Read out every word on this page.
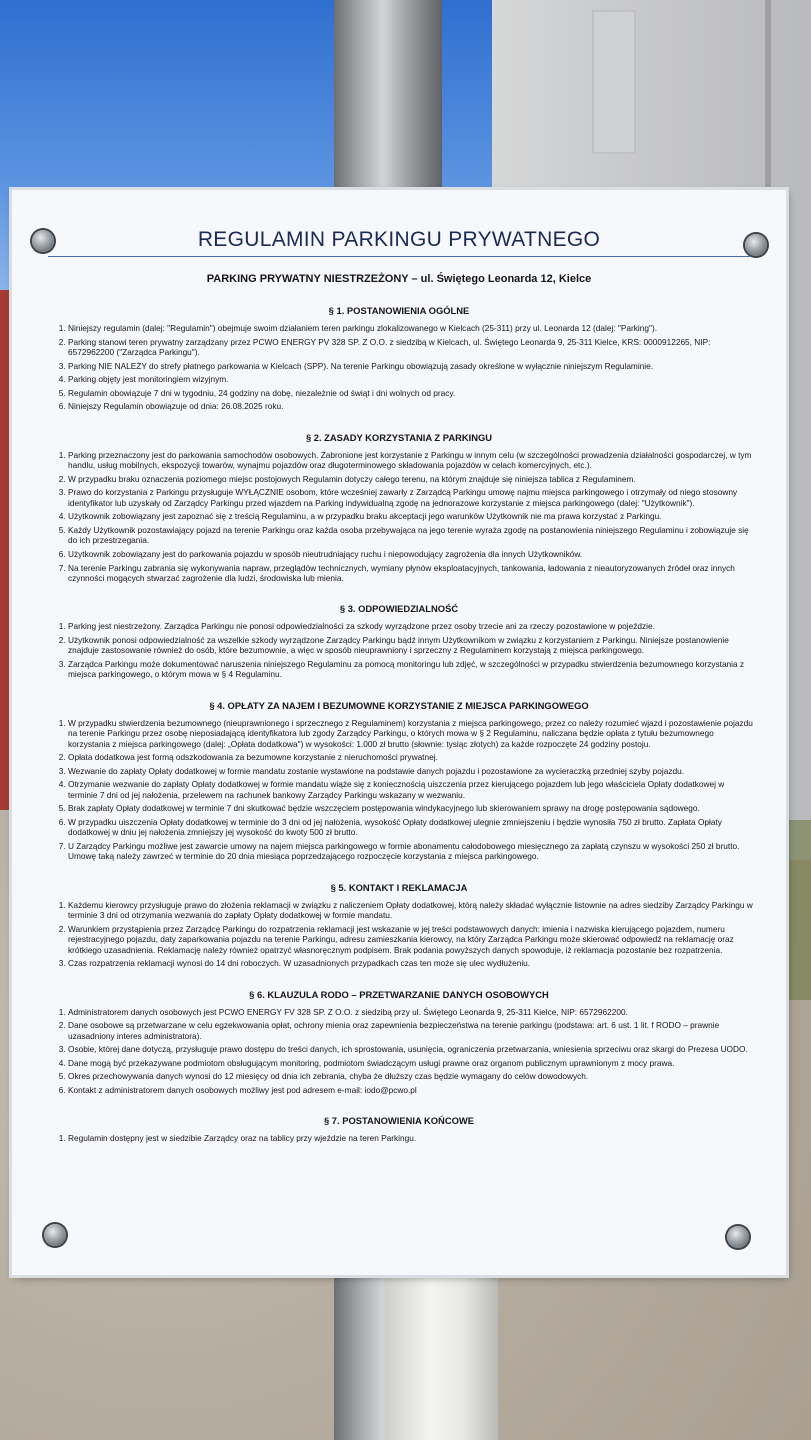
REGULAMIN PARKINGU PRYWATNEGO
PARKING PRYWATNY NIESTRZEŻONY – ul. Świętego Leonarda 12, Kielce
§ 1. POSTANOWIENIA OGÓLNE
1. Niniejszy regulamin (dalej: "Regulamin") obejmuje swoim działaniem teren parkingu zlokalizowanego w Kielcach (25-311) przy ul. Leonarda 12 (dalej: "Parking").
2. Parking stanowi teren prywatny zarządzany przez PCWO ENERGY PV 328 SP. Z O.O. z siedzibą w Kielcach, ul. Świętego Leonarda 9, 25-311 Kielce, KRS: 0000912265, NIP: 6572962200 ("Zarządca Parkingu").
3. Parking NIE NALEŻY do strefy płatnego parkowania w Kielcach (SPP). Na terenie Parkingu obowiązują zasady określone w wyłącznie niniejszym Regulaminie.
4. Parking objęty jest monitoringiem wizyjnym.
5. Regulamin obowiązuje 7 dni w tygodniu, 24 godziny na dobę, niezależnie od świąt i dni wolnych od pracy.
6. Niniejszy Regulamin obowiązuje od dnia: 26.08.2025 roku.
§ 2. ZASADY KORZYSTANIA Z PARKINGU
1. Parking przeznaczony jest do parkowania samochodów osobowych. Zabronione jest korzystanie z Parkingu w innym celu (w szczególności prowadzenia działalności gospodarczej, w tym handlu, usług mobilnych, ekspozycji towarów, wynajmu pojazdów oraz długoterminowego składowania pojazdów w celach komercyjnych, etc.).
2. W przypadku braku oznaczenia poziomego miejsc postojowych Regulamin dotyczy całego terenu, na którym znajduje się niniejsza tablica z Regulaminem.
3. Prawo do korzystania z Parkingu przysługuje WYŁĄCZNIE osobom, które wcześniej zawarły z Zarządcą Parkingu umowę najmu miejsca parkingowego i otrzymały od niego stosowny identyfikator lub uzyskały od Zarządcy Parkingu przed wjazdem na Parking indywidualną zgodę na jednorazowe korzystanie z miejsca parkingowego (dalej: "Użytkownik").
4. Użytkownik zobowiązany jest zapoznać się z treścią Regulaminu, a w przypadku braku akceptacji jego warunków Użytkownik nie ma prawa korzystać z Parkingu.
5. Każdy Użytkownik pozostawiający pojazd na terenie Parkingu oraz każda osoba przebywająca na jego terenie wyraża zgodę na postanowienia niniejszego Regulaminu i zobowiązuje się do ich przestrzegania.
6. Użytkownik zobowiązany jest do parkowania pojazdu w sposób nieutrudniający ruchu i niepowodujący zagrożenia dla innych Użytkowników.
7. Na terenie Parkingu zabrania się wykonywania napraw, przeglądów technicznych, wymiany płynów eksploatacyjnych, tankowania, ładowania z nieautoryzowanych źródeł oraz innych czynności mogących stwarzać zagrożenie dla ludzi, środowiska lub mienia.
§ 3. ODPOWIEDZIALNOŚĆ
1. Parking jest niestrzeżony. Zarządca Parkingu nie ponosi odpowiedzialności za szkody wyrządzone przez osoby trzecie ani za rzeczy pozostawione w pojeździe.
2. Użytkownik ponosi odpowiedzialność za wszelkie szkody wyrządzone Zarządcy Parkingu bądź innym Użytkownikom w związku z korzystaniem z Parkingu. Niniejsze postanowienie znajduje zastosowanie również do osób, które bezumownie, a więc w sposób nieuprawniony i sprzeczny z Regulaminem korzystają z miejsca parkingowego.
3. Zarządca Parkingu może dokumentować naruszenia niniejszego Regulaminu za pomocą monitoringu lub zdjęć, w szczególności w przypadku stwierdzenia bezumownego korzystania z miejsca parkingowego, o którym mowa w § 4 Regulaminu.
§ 4. OPŁATY ZA NAJEM I BEZUMOWNE KORZYSTANIE Z MIEJSCA PARKINGOWEGO
1. W przypadku stwierdzenia bezumownego (nieuprawnionego i sprzecznego z Regulaminem) korzystania z miejsca parkingowego, przez co należy rozumieć wjazd i pozostawienie pojazdu na terenie Parkingu przez osobę nieposiadającą identyfikatora lub zgody Zarządcy Parkingu, o których mowa w § 2 Regulaminu, naliczana będzie opłata z tytułu bezumownego korzystania z miejsca parkingowego (dalej: „Opłata dodatkowa") w wysokości: 1.000 zł brutto (słownie: tysiąc złotych) za każde rozpoczęte 24 godziny postoju.
2. Opłata dodatkowa jest formą odszkodowania za bezumowne korzystanie z nieruchomości prywatnej.
3. Wezwanie do zapłaty Opłaty dodatkowej w formie mandatu zostanie wystawione na podstawie danych pojazdu i pozostawione za wycieraczką przedniej szyby pojazdu.
4. Otrzymanie wezwanie do zapłaty Opłaty dodatkowej w formie mandatu wiąże się z koniecznością uiszczenia przez kierującego pojazdem lub jego właściciela Opłaty dodatkowej w terminie 7 dni od jej nałożenia, przelewem na rachunek bankowy Zarządcy Parkingu wskazany w wezwaniu.
5. Brak zapłaty Opłaty dodatkowej w terminie 7 dni skutkować będzie wszczęciem postępowania windykacyjnego lub skierowaniem sprawy na drogę postępowania sądowego.
6. W przypadku uiszczenia Opłaty dodatkowej w terminie do 3 dni od jej nałożenia, wysokość Opłaty dodatkowej ulegnie zmniejszeniu i będzie wynosiła 750 zł brutto. Zapłata Opłaty dodatkowej w dniu jej nałożenia zmniejszy jej wysokość do kwoty 500 zł brutto.
7. U Zarządcy Parkingu możliwe jest zawarcie umowy na najem miejsca parkingowego w formie abonamentu całodobowego miesięcznego za zapłatą czynszu w wysokości 250 zł brutto. Umowę taką należy zawrzeć w terminie do 20 dnia miesiąca poprzedzającego rozpoczęcie korzystania z miejsca parkingowego.
§ 5. KONTAKT I REKLAMACJA
1. Każdemu kierowcy przysługuje prawo do złożenia reklamacji w związku z naliczeniem Opłaty dodatkowej, którą należy składać wyłącznie listownie na adres siedziby Zarządcy Parkingu w terminie 3 dni od otrzymania wezwania do zapłaty Opłaty dodatkowej w formie mandatu.
2. Warunkiem przystąpienia przez Zarządcę Parkingu do rozpatrzenia reklamacji jest wskazanie w jej treści podstawowych danych: imienia i nazwiska kierującego pojazdem, numeru rejestracyjnego pojazdu, daty zaparkowania pojazdu na terenie Parkingu, adresu zamieszkania kierowcy, na który Zarządca Parkingu może skierować odpowiedź na reklamację oraz krótkiego uzasadnienia. Reklamację należy również opatrzyć własnoręcznym podpisem. Brak podania powyższych danych spowoduje, iż reklamacja pozostanie bez rozpatrzenia.
3. Czas rozpatrzenia reklamacji wynosi do 14 dni roboczych. W uzasadnionych przypadkach czas ten może się ulec wydłużeniu.
§ 6. KLAUZULA RODO – PRZETWARZANIE DANYCH OSOBOWYCH
1. Administratorem danych osobowych jest PCWO ENERGY FV 328 SP. Z O.O. z siedzibą przy ul. Świętego Leonarda 9, 25-311 Kielce, NIP: 6572962200.
2. Dane osobowe są przetwarzane w celu egzekwowania opłat, ochrony mienia oraz zapewnienia bezpieczeństwa na terenie parkingu (podstawa: art. 6 ust. 1 lit. f RODO – prawnie uzasadniony interes administratora).
3. Osobie, której dane dotyczą, przysługuje prawo dostępu do treści danych, ich sprostowania, usunięcia, ograniczenia przetwarzania, wniesienia sprzeciwu oraz skargi do Prezesa UODO.
4. Dane mogą być przekazywane podmiotom obsługującym monitoring, podmiotom świadczącym usługi prawne oraz organom publicznym uprawnionym z mocy prawa.
5. Okres przechowywania danych wynosi do 12 miesięcy od dnia ich zebrania, chyba że dłuższy czas będzie wymagany do celów dowodowych.
6. Kontakt z administratorem danych osobowych możliwy jest pod adresem e-mail: iodo@pcwo.pl
§ 7. POSTANOWIENIA KOŃCOWE
1. Regulamin dostępny jest w siedzibie Zarządcy oraz na tablicy przy wjeździe na teren Parkingu.
